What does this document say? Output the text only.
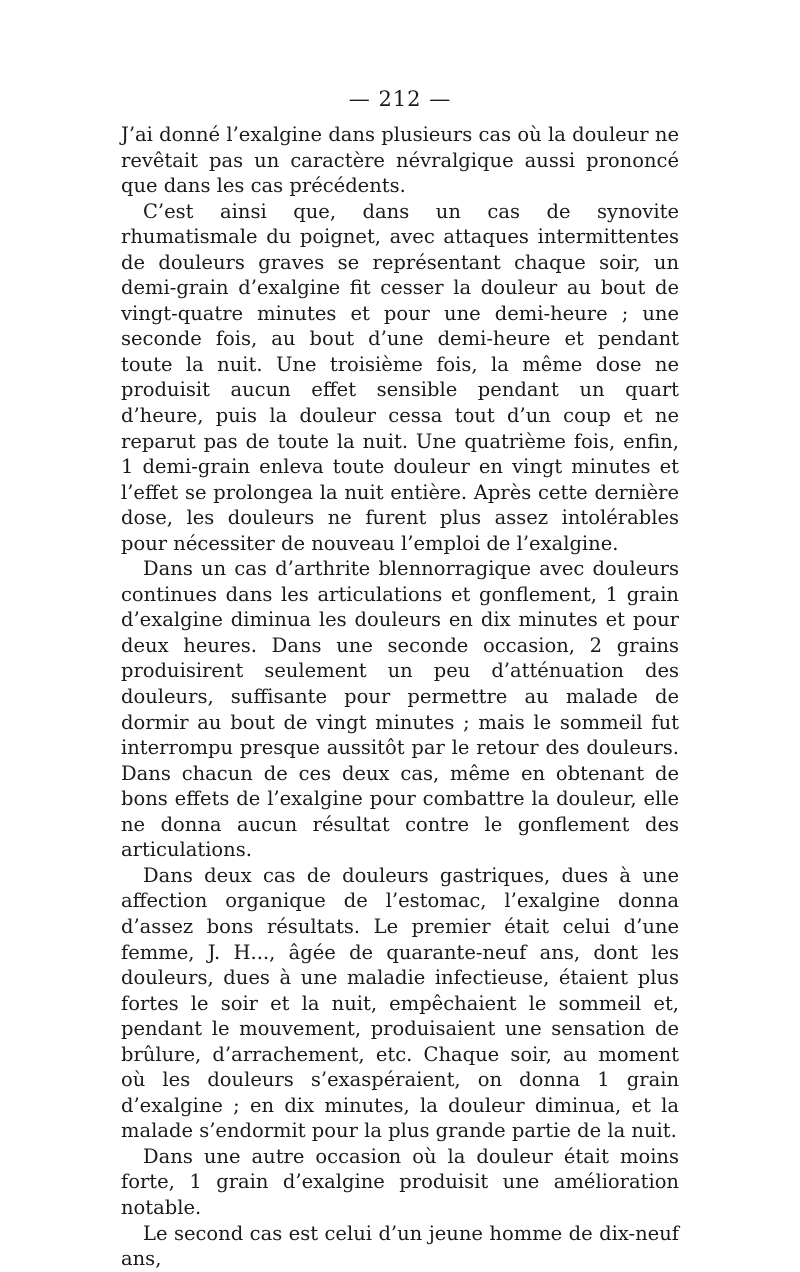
— 212 —

J’ai donné l’exalgine dans plusieurs cas où la douleur ne revêtait pas un caractère névralgique aussi prononcé que dans les cas précédents.

C’est ainsi que, dans un cas de synovite rhumatismale du poignet, avec attaques intermittentes de douleurs graves se représentant chaque soir, un demi-grain d’exalgine fit cesser la douleur au bout de vingt-quatre minutes et pour une demi-heure ; une seconde fois, au bout d’une demi-heure et pendant toute la nuit. Une troisième fois, la même dose ne produisit aucun effet sensible pendant un quart d’heure, puis la douleur cessa tout d’un coup et ne reparut pas de toute la nuit. Une quatrième fois, enfin, 1 demi-grain enleva toute douleur en vingt minutes et l’effet se prolongea la nuit entière. Après cette dernière dose, les douleurs ne furent plus assez intolérables pour nécessiter de nouveau l’emploi de l’exalgine.

Dans un cas d’arthrite blennorragique avec douleurs continues dans les articulations et gonflement, 1 grain d’exalgine diminua les douleurs en dix minutes et pour deux heures. Dans une seconde occasion, 2 grains produisirent seulement un peu d’atténuation des douleurs, suffisante pour permettre au malade de dormir au bout de vingt minutes ; mais le sommeil fut interrompu presque aussitôt par le retour des douleurs. Dans chacun de ces deux cas, même en obtenant de bons effets de l’exalgine pour combattre la douleur, elle ne donna aucun résultat contre le gonflement des articulations.

Dans deux cas de douleurs gastriques, dues à une affection organique de l’estomac, l’exalgine donna d’assez bons résultats. Le premier était celui d’une femme, J. H..., âgée de quarante-neuf ans, dont les douleurs, dues à une maladie infectieuse, étaient plus fortes le soir et la nuit, empêchaient le sommeil et, pendant le mouvement, produisaient une sensation de brûlure, d’arrachement, etc. Chaque soir, au moment où les douleurs s’exaspéraient, on donna 1 grain d’exalgine ; en dix minutes, la douleur diminua, et la malade s’endormit pour la plus grande partie de la nuit.

Dans une autre occasion où la douleur était moins forte, 1 grain d’exalgine produisit une amélioration notable.

Le second cas est celui d’un jeune homme de dix-neuf ans,
